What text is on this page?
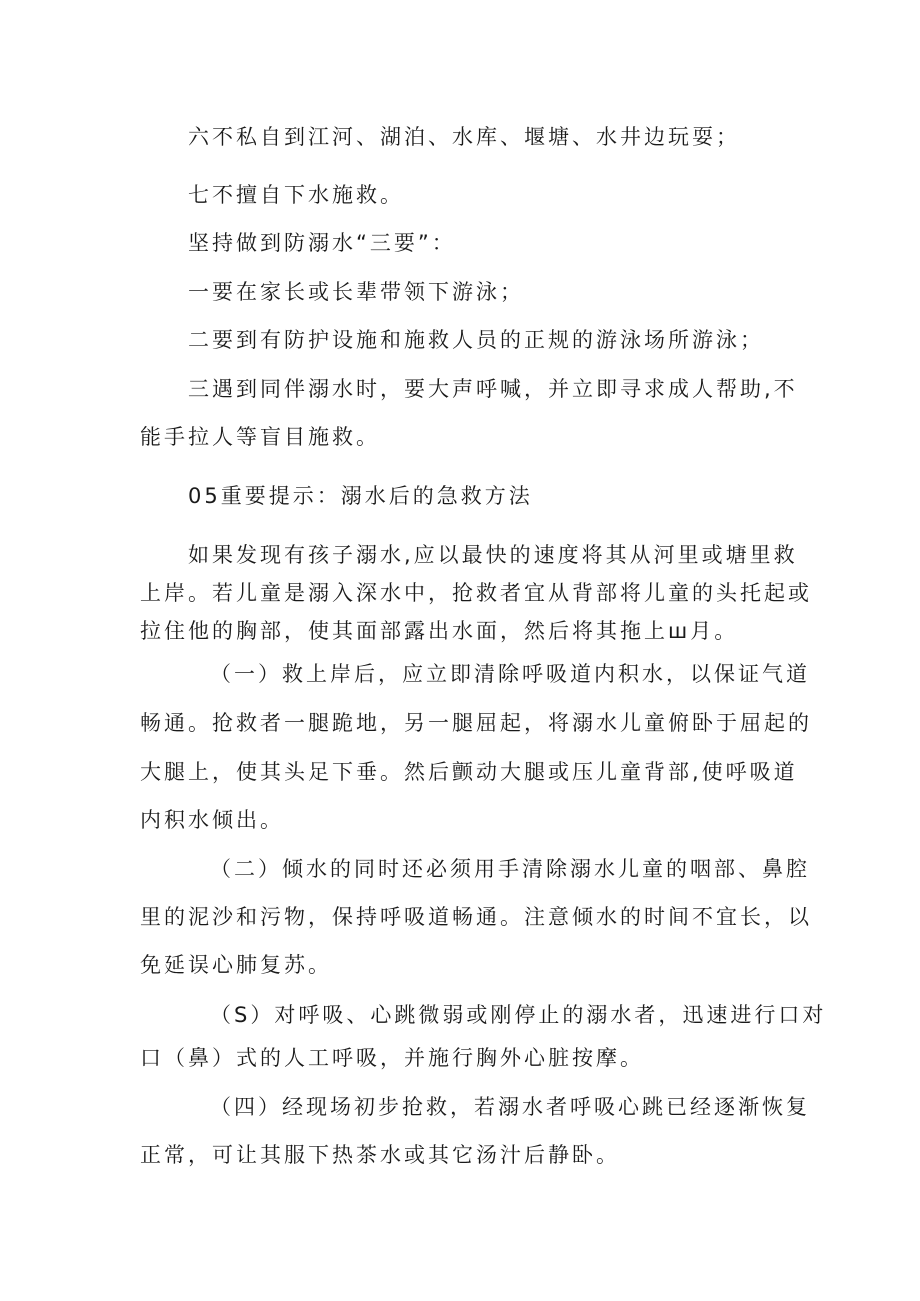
六不私自到江河、湖泊、水库、堰塘、水井边玩耍；

七不擅自下水施救。

坚持做到防溺水“三要”：

一要在家长或长辈带领下游泳；

二要到有防护设施和施救人员的正规的游泳场所游泳；

三遇到同伴溺水时，要大声呼喊，并立即寻求成人帮助,不

能手拉人等盲目施救。

05重要提示：溺水后的急救方法

如果发现有孩子溺水,应以最快的速度将其从河里或塘里救

上岸。若儿童是溺入深水中，抢救者宜从背部将儿童的头托起或

拉住他的胸部，使其面部露出水面，然后将其拖上ш月。

（一）救上岸后，应立即清除呼吸道内积水，以保证气道

畅通。抢救者一腿跪地，另一腿屈起，将溺水儿童俯卧于屈起的

大腿上，使其头足下垂。然后颤动大腿或压儿童背部,使呼吸道

内积水倾出。

（二）倾水的同时还必须用手清除溺水儿童的咽部、鼻腔

里的泥沙和污物，保持呼吸道畅通。注意倾水的时间不宜长，以

免延误心肺复苏。

（S）对呼吸、心跳微弱或刚停止的溺水者，迅速进行口对

口（鼻）式的人工呼吸，并施行胸外心脏按摩。

（四）经现场初步抢救，若溺水者呼吸心跳已经逐渐恢复

正常，可让其服下热茶水或其它汤汁后静卧。
